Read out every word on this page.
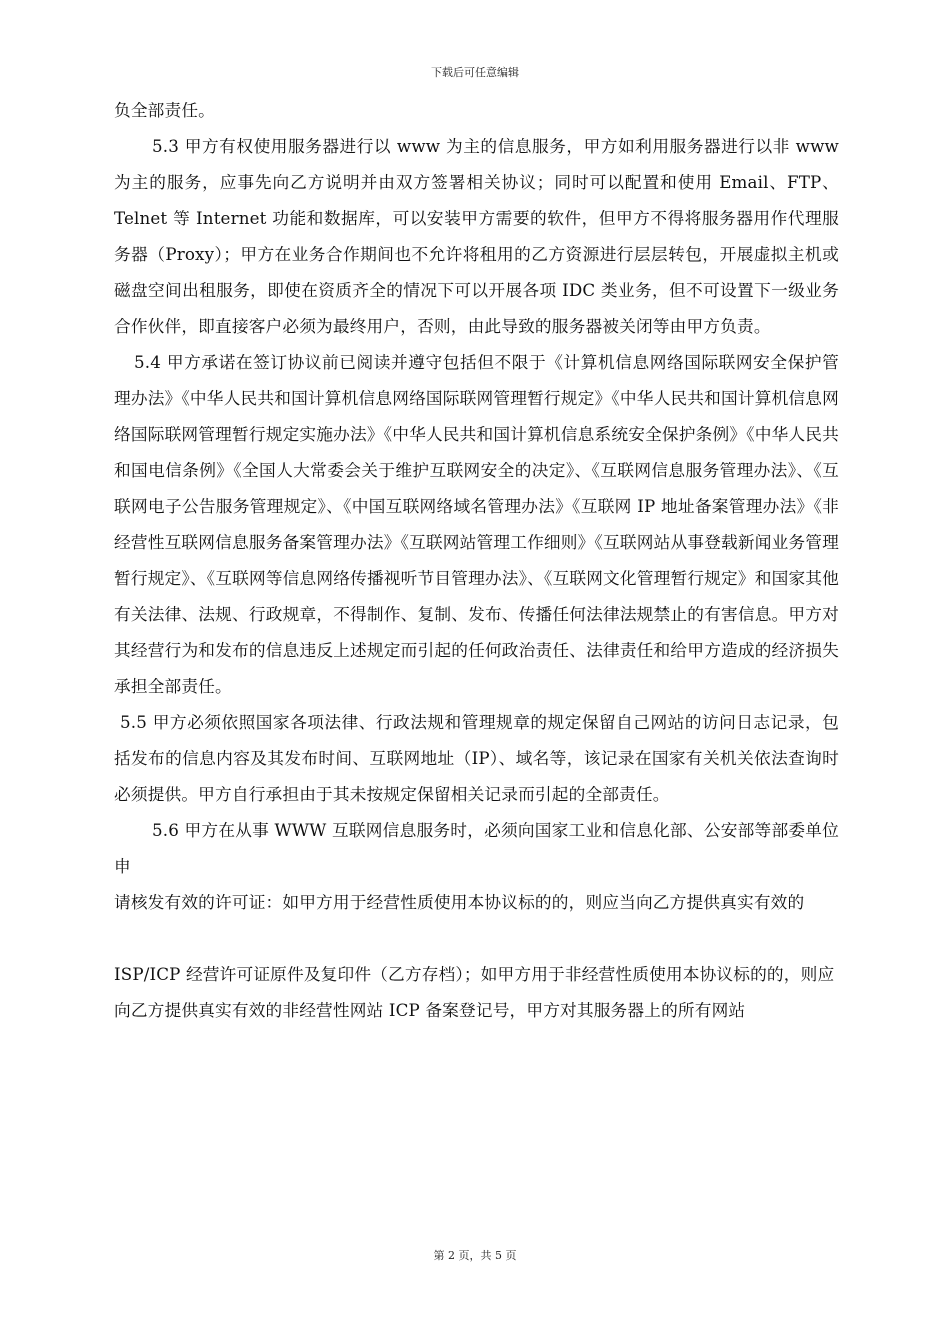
下载后可任意编辑

负全部责任。

5.3 甲方有权使用服务器进行以 www 为主的信息服务，甲方如利用服务器进行以非 www 为主的服务，应事先向乙方说明并由双方签署相关协议；同时可以配置和使用 Email、FTP、Telnet 等 Internet 功能和数据库，可以安装甲方需要的软件，但甲方不得将服务器用作代理服务器（Proxy）；甲方在业务合作期间也不允许将租用的乙方资源进行层层转包，开展虚拟主机或磁盘空间出租服务，即使在资质齐全的情况下可以开展各项 IDC 类业务，但不可设置下一级业务合作伙伴，即直接客户必须为最终用户，否则，由此导致的服务器被关闭等由甲方负责。

5.4 甲方承诺在签订协议前已阅读并遵守包括但不限于《计算机信息网络国际联网安全保护管理办法》《中华人民共和国计算机信息网络国际联网管理暂行规定》《中华人民共和国计算机信息网络国际联网管理暂行规定实施办法》《中华人民共和国计算机信息系统安全保护条例》《中华人民共和国电信条例》《全国人大常委会关于维护互联网安全的决定》、《互联网信息服务管理办法》、《互联网电子公告服务管理规定》、《中国互联网络域名管理办法》《互联网 IP 地址备案管理办法》《非经营性互联网信息服务备案管理办法》《互联网站管理工作细则》《互联网站从事登载新闻业务管理暂行规定》、《互联网等信息网络传播视听节目管理办法》、《互联网文化管理暂行规定》和国家其他有关法律、法规、行政规章，不得制作、复制、发布、传播任何法律法规禁止的有害信息。甲方对其经营行为和发布的信息违反上述规定而引起的任何政治责任、法律责任和给甲方造成的经济损失承担全部责任。

5.5 甲方必须依照国家各项法律、行政法规和管理规章的规定保留自己网站的访问日志记录，包括发布的信息内容及其发布时间、互联网地址（IP）、域名等，该记录在国家有关机关依法查询时必须提供。甲方自行承担由于其未按规定保留相关记录而引起的全部责任。

5.6 甲方在从事 WWW 互联网信息服务时，必须向国家工业和信息化部、公安部等部委单位申

请核发有效的许可证：如甲方用于经营性质使用本协议标的的，则应当向乙方提供真实有效的

ISP/ICP 经营许可证原件及复印件（乙方存档）；如甲方用于非经营性质使用本协议标的的，则应

向乙方提供真实有效的非经营性网站 ICP 备案登记号，甲方对其服务器上的所有网站

第 2 页，共 5 页
